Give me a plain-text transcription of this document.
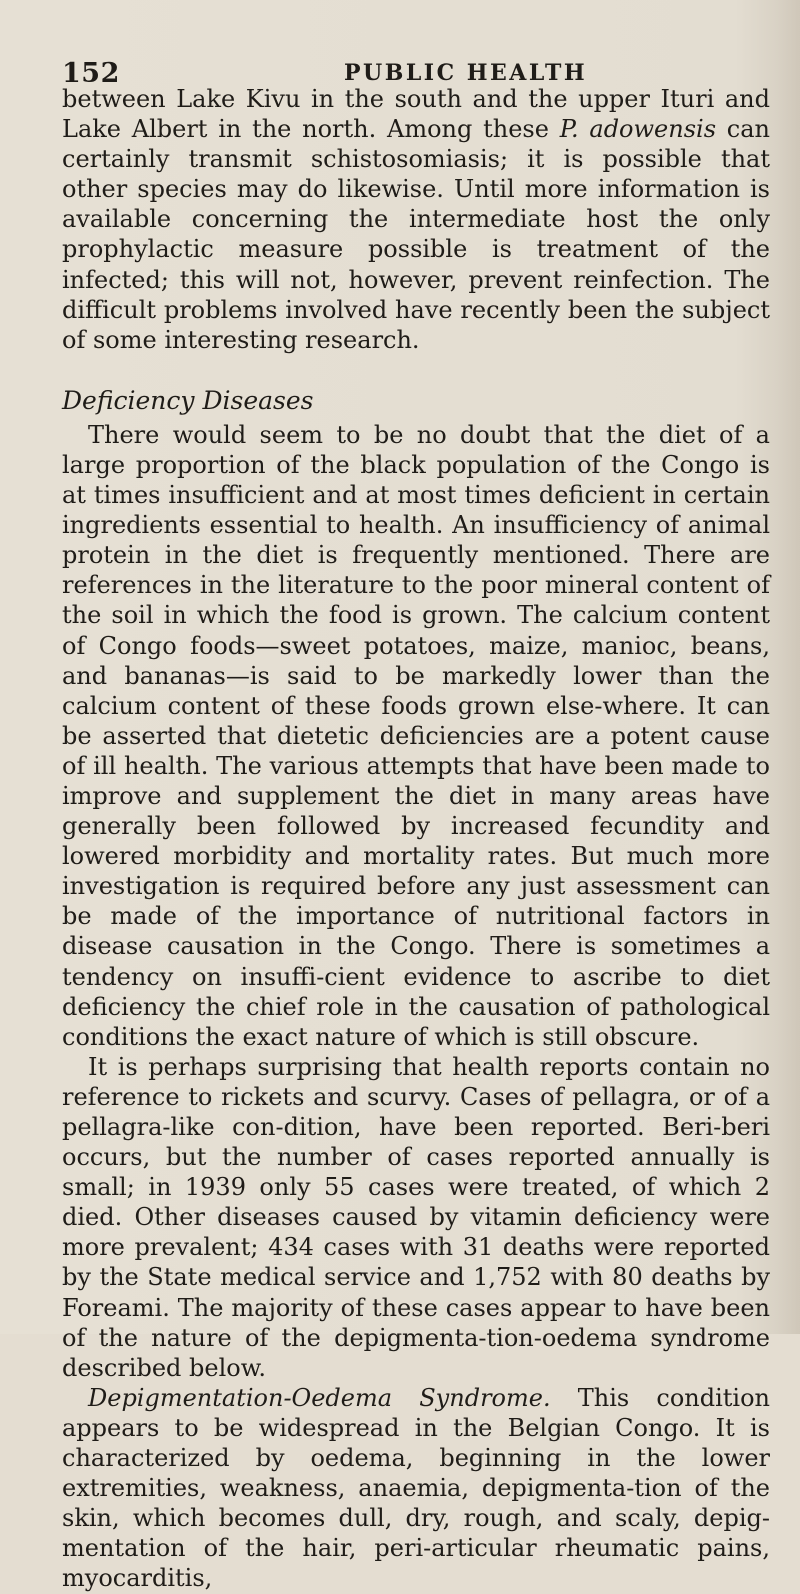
152	PUBLIC HEALTH

between Lake Kivu in the south and the upper Ituri and Lake Albert in the north. Among these P. adowensis can certainly transmit schistosomiasis; it is possible that other species may do likewise. Until more information is available concerning the intermediate host the only prophylactic measure possible is treatment of the infected; this will not, however, prevent reinfection. The difficult problems involved have recently been the subject of some interesting research.

Deficiency Diseases

There would seem to be no doubt that the diet of a large proportion of the black population of the Congo is at times insufficient and at most times deficient in certain ingredients essential to health. An insufficiency of animal protein in the diet is frequently mentioned. There are references in the literature to the poor mineral content of the soil in which the food is grown. The calcium content of Congo foods—sweet potatoes, maize, manioc, beans, and bananas—is said to be markedly lower than the calcium content of these foods grown else-where. It can be asserted that dietetic deficiencies are a potent cause of ill health. The various attempts that have been made to improve and supplement the diet in many areas have generally been followed by increased fecundity and lowered morbidity and mortality rates. But much more investigation is required before any just assessment can be made of the importance of nutritional factors in disease causation in the Congo. There is sometimes a tendency on insuffi-cient evidence to ascribe to diet deficiency the chief role in the causation of pathological conditions the exact nature of which is still obscure.

It is perhaps surprising that health reports contain no reference to rickets and scurvy. Cases of pellagra, or of a pellagra-like con-dition, have been reported. Beri-beri occurs, but the number of cases reported annually is small; in 1939 only 55 cases were treated, of which 2 died. Other diseases caused by vitamin deficiency were more prevalent; 434 cases with 31 deaths were reported by the State medical service and 1,752 with 80 deaths by Foreami. The majority of these cases appear to have been of the nature of the depigmenta-tion-oedema syndrome described below.

Depigmentation-Oedema Syndrome. This condition appears to be widespread in the Belgian Congo. It is characterized by oedema, beginning in the lower extremities, weakness, anaemia, depigmenta-tion of the skin, which becomes dull, dry, rough, and scaly, depig-mentation of the hair, peri-articular rheumatic pains, myocarditis,
